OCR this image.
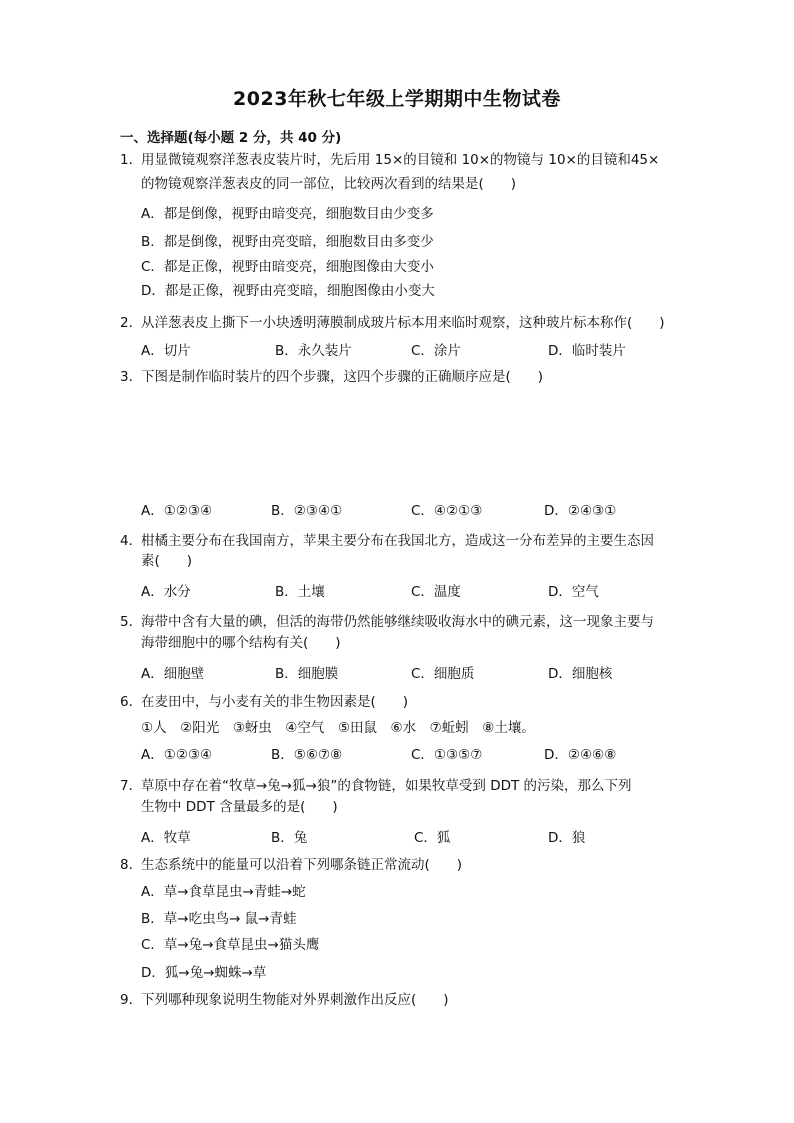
2023年秋七年级上学期期中生物试卷
一、选择题(每小题 2 分，共 40 分)
1．
用显微镜观察洋葱表皮装片时，先后用 15×的目镜和 10×的物镜与 10×的目镜和45×
的物镜观察洋葱表皮的同一部位，比较两次看到的结果是(　　)
A．都是倒像，视野由暗变亮，细胞数目由少变多
B．都是倒像，视野由亮变暗，细胞数目由多变少
C．都是正像，视野由暗变亮，细胞图像由大变小
D．都是正像，视野由亮变暗，细胞图像由小变大
2．
从洋葱表皮上撕下一小块透明薄膜制成玻片标本用来临时观察，这种玻片标本称作(　　)
A．切片	B．永久装片	C．涂片	D．临时装片
3．
下图是制作临时装片的四个步骤，这四个步骤的正确顺序应是(　　)
A．①②③④	B．②③④①	C．④②①③	D．②④③①
4．
柑橘主要分布在我国南方，苹果主要分布在我国北方，造成这一分布差异的主要生态因
素(　　)
A．水分	B．土壤	C．温度	D．空气
5．
海带中含有大量的碘，但活的海带仍然能够继续吸收海水中的碘元素，这一现象主要与
海带细胞中的哪个结构有关(　　)
A．细胞壁	B．细胞膜	C．细胞质	D．细胞核
6．
在麦田中，与小麦有关的非生物因素是(　　)
①人　②阳光　③蚜虫　④空气　⑤田鼠　⑥水　⑦蚯蚓　⑧土壤。
A．①②③④	B．⑤⑥⑦⑧	C．①③⑤⑦	D．②④⑥⑧
7．
草原中存在着“牧草→兔→狐→狼”的食物链，如果牧草受到 DDT 的污染，那么下列
生物中 DDT 含量最多的是(　　)
A．牧草	B．兔	C．狐	D．狼
8．
生态系统中的能量可以沿着下列哪条链正常流动(　　)
A．草→食草昆虫→青蛙→蛇
B．草→吃虫鸟→ 鼠→青蛙
C．草→兔→食草昆虫→猫头鹰
D．狐→兔→蜘蛛→草
9．
下列哪种现象说明生物能对外界刺激作出反应(　　)
